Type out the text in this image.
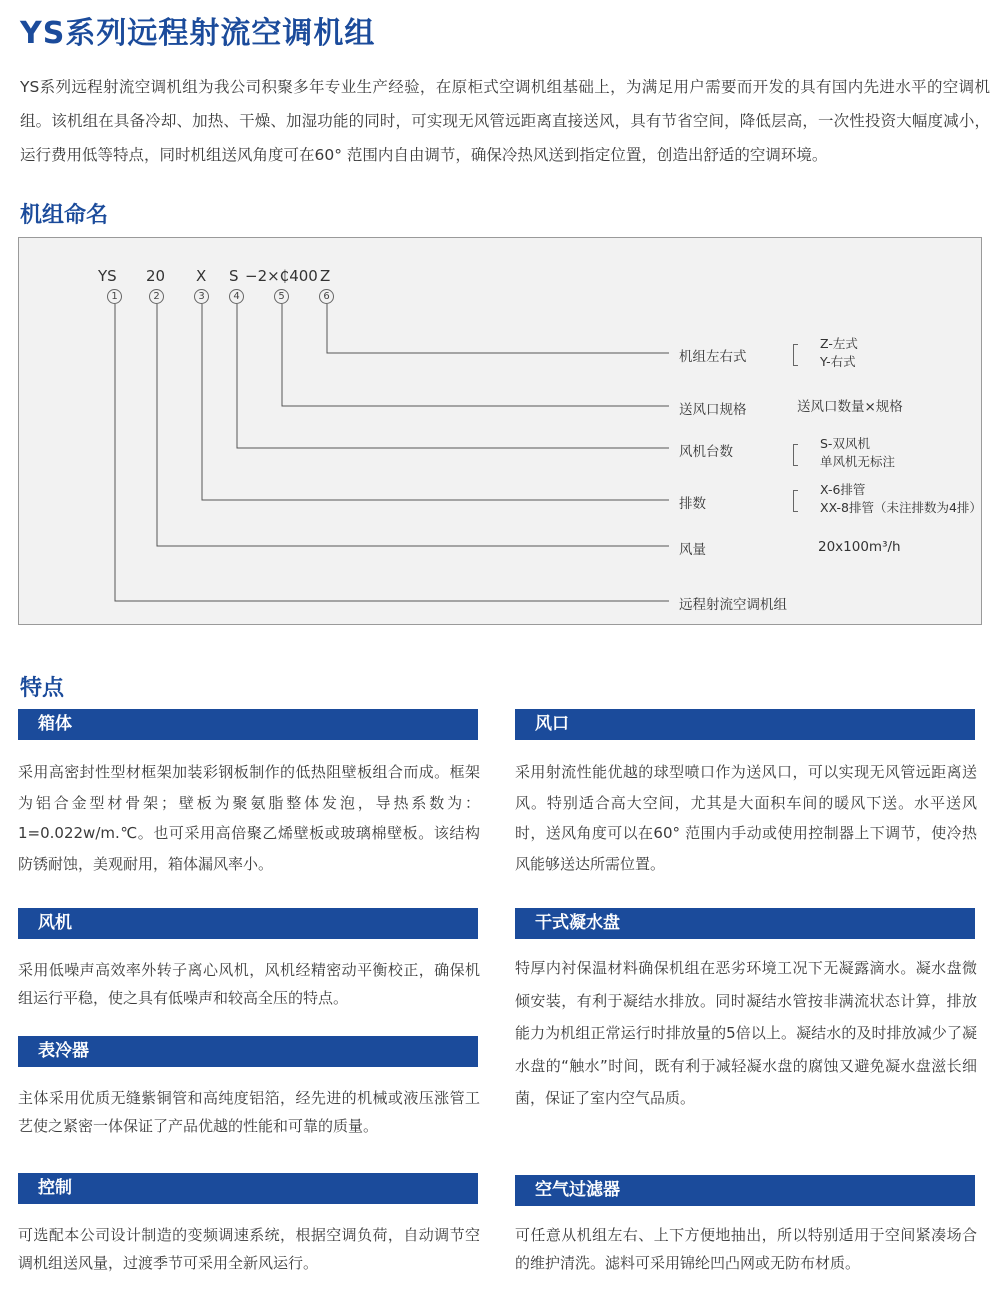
YS系列远程射流空调机组
YS系列远程射流空调机组为我公司积聚多年专业生产经验，在原柜式空调机组基础上，为满足用户需要而开发的具有国内先进水平的空调机组。该机组在具备冷却、加热、干燥、加湿功能的同时，可实现无风管远距离直接送风，具有节省空间，降低层高，一次性投资大幅度减小，运行费用低等特点，同时机组送风角度可在60° 范围内自由调节，确保冷热风送到指定位置，创造出舒适的空调环境。
机组命名
YS 20 X S −2×₵400 Z
1	2	3	4	5	6
机组左右式
送风口规格
风机台数
排数
风量
远程射流空调机组
Z-左式
Y-右式
送风口数量×规格
S-双风机
单风机无标注
X-6排管
XX-8排管（未注排数为4排）
20x100m³/h
特点
箱体
采用高密封性型材框架加装彩钢板制作的低热阻壁板组合而成。框架为铝合金型材骨架；壁板为聚氨脂整体发泡，导热系数为：1=0.022w/m.℃。也可采用高倍聚乙烯壁板或玻璃棉壁板。该结构防锈耐蚀，美观耐用，箱体漏风率小。
风机
采用低噪声高效率外转子离心风机，风机经精密动平衡校正，确保机组运行平稳，使之具有低噪声和较高全压的特点。
表冷器
主体采用优质无缝紫铜管和高纯度铝箔，经先进的机械或液压涨管工艺使之紧密一体保证了产品优越的性能和可靠的质量。
控制
可选配本公司设计制造的变频调速系统，根据空调负荷，自动调节空调机组送风量，过渡季节可采用全新风运行。
风口
采用射流性能优越的球型喷口作为送风口，可以实现无风管远距离送风。特别适合高大空间，尤其是大面积车间的暖风下送。水平送风时，送风角度可以在60° 范围内手动或使用控制器上下调节，使冷热风能够送达所需位置。
干式凝水盘
特厚内衬保温材料确保机组在恶劣环境工况下无凝露滴水。凝水盘微倾安装，有利于凝结水排放。同时凝结水管按非满流状态计算，排放能力为机组正常运行时排放量的5倍以上。凝结水的及时排放减少了凝水盘的“触水”时间，既有利于减轻凝水盘的腐蚀又避免凝水盘滋长细菌，保证了室内空气品质。
空气过滤器
可任意从机组左右、上下方便地抽出，所以特别适用于空间紧凑场合的维护清洗。滤料可采用锦纶凹凸网或无防布材质。
